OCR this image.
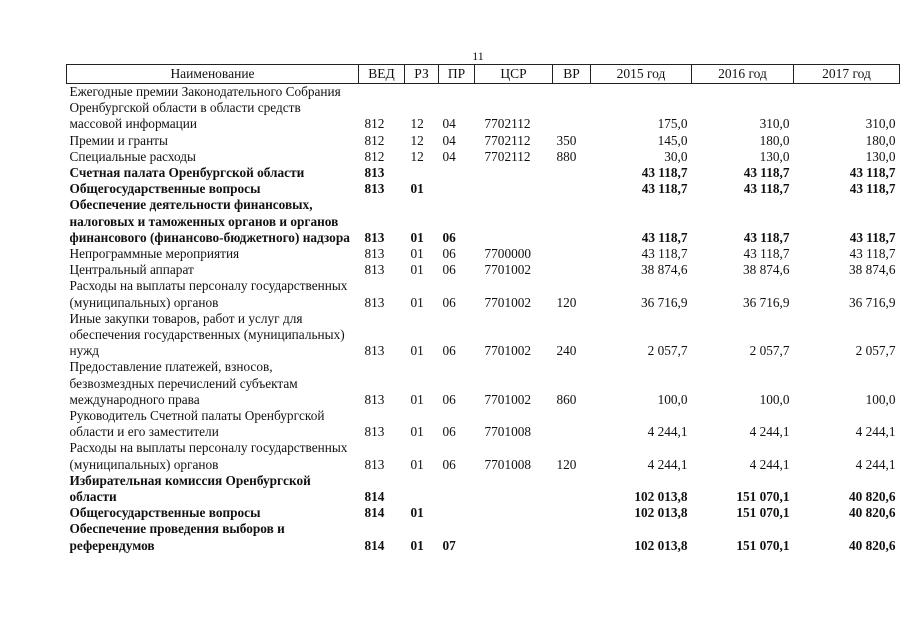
11
Наименование	ВЕД	РЗ	ПР	ЦСР	ВР	2015 год	2016 год	2017 год
Ежегодные премии Законодательного Собрания Оренбургской области в области средств массовой информации	812	12	04	7702112		175,0	310,0	310,0
Премии и гранты	812	12	04	7702112	350	145,0	180,0	180,0
Специальные расходы	812	12	04	7702112	880	30,0	130,0	130,0
Счетная палата Оренбургской области	813					43 118,7	43 118,7	43 118,7
Общегосударственные вопросы	813	01				43 118,7	43 118,7	43 118,7
Обеспечение деятельности финансовых, налоговых и таможенных органов и органов финансового (финансово-бюджетного) надзора	813	01	06			43 118,7	43 118,7	43 118,7
Непрограммные мероприятия	813	01	06	7700000		43 118,7	43 118,7	43 118,7
Центральный аппарат	813	01	06	7701002		38 874,6	38 874,6	38 874,6
Расходы на выплаты персоналу государственных (муниципальных) органов	813	01	06	7701002	120	36 716,9	36 716,9	36 716,9
Иные закупки товаров, работ и услуг для обеспечения государственных (муниципальных) нужд	813	01	06	7701002	240	2 057,7	2 057,7	2 057,7
Предоставление платежей, взносов, безвозмездных перечислений субъектам международного права	813	01	06	7701002	860	100,0	100,0	100,0
Руководитель Счетной палаты Оренбургской области и его заместители	813	01	06	7701008		4 244,1	4 244,1	4 244,1
Расходы на выплаты персоналу государственных (муниципальных) органов	813	01	06	7701008	120	4 244,1	4 244,1	4 244,1
Избирательная комиссия Оренбургской области	814					102 013,8	151 070,1	40 820,6
Общегосударственные вопросы	814	01				102 013,8	151 070,1	40 820,6
Обеспечение проведения выборов и референдумов	814	01	07			102 013,8	151 070,1	40 820,6
